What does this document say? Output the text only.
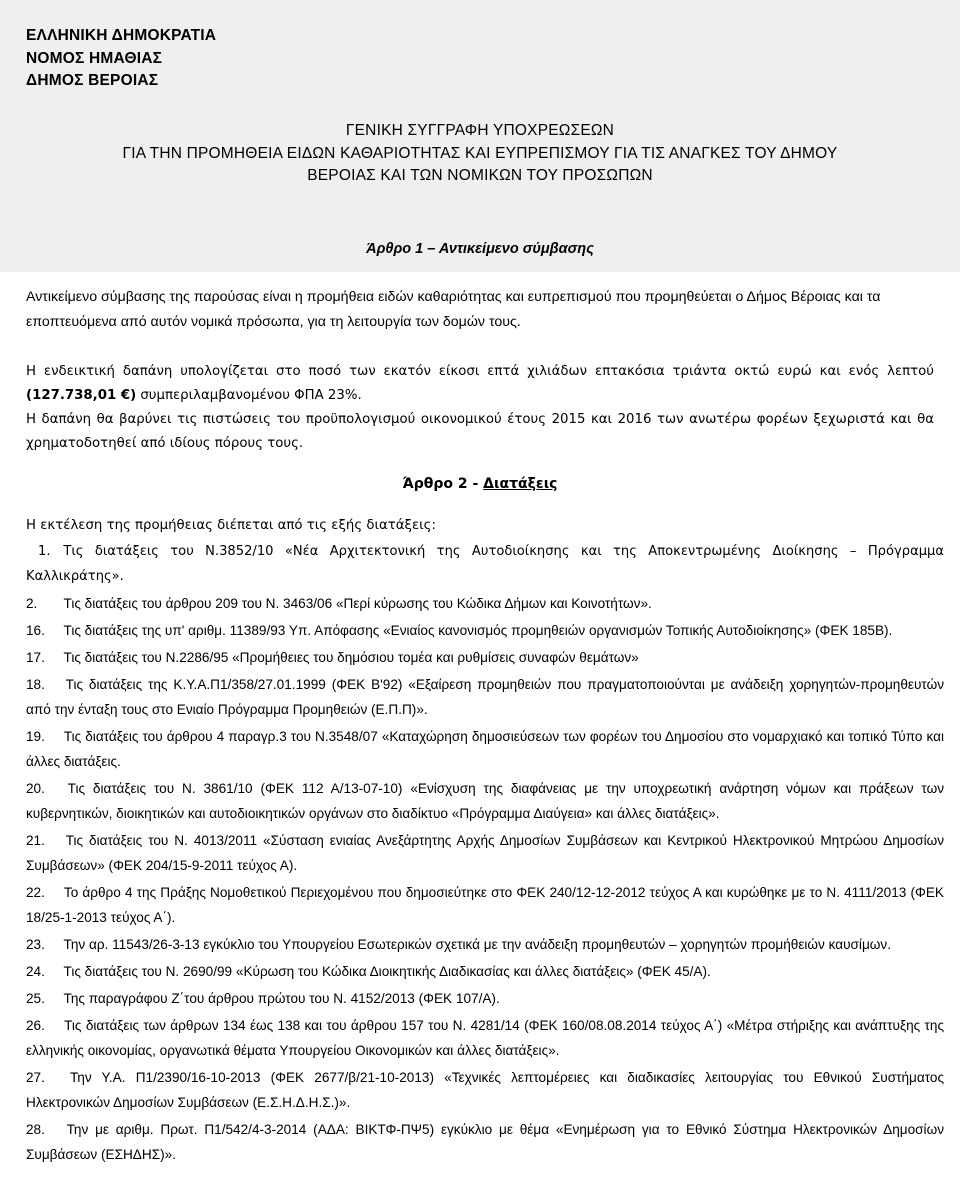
ΕΛΛΗΝΙΚΗ ΔΗΜΟΚΡΑΤΙΑ
ΝΟΜΟΣ ΗΜΑΘΙΑΣ
ΔΗΜΟΣ ΒΕΡΟΙΑΣ
ΓΕΝΙΚΗ ΣΥΓΓΡΑΦΗ ΥΠΟΧΡΕΩΣΕΩΝ
ΓΙΑ ΤΗΝ ΠΡΟΜΗΘΕΙΑ ΕΙΔΩΝ ΚΑΘΑΡΙΟΤΗΤΑΣ ΚΑΙ ΕΥΠΡΕΠΙΣΜΟΥ ΓΙΑ ΤΙΣ ΑΝΑΓΚΕΣ ΤΟΥ ΔΗΜΟΥ
ΒΕΡΟΙΑΣ ΚΑΙ ΤΩΝ ΝΟΜΙΚΩΝ ΤΟΥ ΠΡΟΣΩΠΩΝ
Άρθρο 1 – Αντικείμενο σύμβασης

Αντικείμενο σύμβασης της παρούσας είναι η προμήθεια ειδών καθαριότητας και ευπρεπισμού που προμηθεύεται ο Δήμος Βέροιας και τα εποπτευόμενα από αυτόν νομικά πρόσωπα, για τη λειτουργία των δομών τους.

Η ενδεικτική δαπάνη υπολογίζεται στο ποσό των εκατόν είκοσι επτά χιλιάδων επτακόσια τριάντα οκτώ ευρώ και ενός λεπτού (127.738,01 €) συμπεριλαμβανομένου ΦΠΑ 23%.

Η δαπάνη θα βαρύνει τις πιστώσεις του προϋπολογισμού οικονομικού έτους 2015 και 2016 των ανωτέρω φορέων ξεχωριστά και θα χρηματοδοτηθεί από ιδίους πόρους τους.

Άρθρο 2 - Διατάξεις
Η εκτέλεση της προμήθειας διέπεται από τις εξής διατάξεις:
1. Τις διατάξεις του Ν.3852/10 «Νέα Αρχιτεκτονική της Αυτοδιοίκησης και της Αποκεντρωμένης Διοίκησης – Πρόγραμμα Καλλικράτης».
2. Τις διατάξεις του άρθρου 209 του Ν. 3463/06 «Περί κύρωσης του Κώδικα Δήμων και Κοινοτήτων».
16. Τις διατάξεις της υπ' αριθμ. 11389/93 Υπ. Απόφασης «Ενιαίος κανονισμός προμηθειών οργανισμών Τοπικής Αυτοδιοίκησης» (ΦΕΚ 185Β).
17. Τις διατάξεις του Ν.2286/95 «Προμήθειες του δημόσιου τομέα και ρυθμίσεις συναφών θεμάτων»
18. Τις διατάξεις της Κ.Υ.Α.Π1/358/27.01.1999 (ΦΕΚ Β'92) «Εξαίρεση προμηθειών που πραγματοποιούνται με ανάδειξη χορηγητών-προμηθευτών από την ένταξη τους στο Ενιαίο Πρόγραμμα Προμηθειών (Ε.Π.Π)».
19. Τις διατάξεις του άρθρου 4 παραγρ.3 του Ν.3548/07 «Καταχώρηση δημοσιεύσεων των φορέων του Δημοσίου στο νομαρχιακό και τοπικό Τύπο και άλλες διατάξεις.
20. Τις διατάξεις του Ν. 3861/10 (ΦΕΚ 112 Α/13-07-10) «Ενίσχυση της διαφάνειας με την υποχρεωτική ανάρτηση νόμων και πράξεων των κυβερνητικών, διοικητικών και αυτοδιοικητικών οργάνων στο διαδίκτυο «Πρόγραμμα Διαύγεια» και άλλες διατάξεις».
21. Τις διατάξεις του Ν. 4013/2011 «Σύσταση ενιαίας Ανεξάρτητης Αρχής Δημοσίων Συμβάσεων και Κεντρικού Ηλεκτρονικού Μητρώου Δημοσίων Συμβάσεων» (ΦΕΚ 204/15-9-2011 τεύχος Α).
22. Το άρθρο 4 της Πράξης Νομοθετικού Περιεχομένου που δημοσιεύτηκε στο ΦΕΚ 240/12-12-2012 τεύχος Α και κυρώθηκε με το Ν. 4111/2013 (ΦΕΚ 18/25-1-2013 τεύχος Α΄).
23. Την αρ. 11543/26-3-13 εγκύκλιο του Υπουργείου Εσωτερικών σχετικά με την ανάδειξη προμηθευτών – χορηγητών προμήθειών καυσίμων.
24. Τις διατάξεις του Ν. 2690/99 «Κύρωση του Κώδικα Διοικητικής Διαδικασίας και άλλες διατάξεις» (ΦΕΚ 45/Α).
25. Της παραγράφου Ζ΄του άρθρου πρώτου του Ν. 4152/2013 (ΦΕΚ 107/Α).
26. Τις διατάξεις των άρθρων 134 έως 138 και του άρθρου 157 του Ν. 4281/14 (ΦΕΚ 160/08.08.2014 τεύχος Α΄) «Μέτρα στήριξης και ανάπτυξης της ελληνικής οικονομίας, οργανωτικά θέματα Υπουργείου Οικονομικών και άλλες διατάξεις».
27. Την Υ.Α. Π1/2390/16-10-2013 (ΦΕΚ 2677/β/21-10-2013) «Τεχνικές λεπτομέρειες και διαδικασίες λειτουργίας του Εθνικού Συστήματος Ηλεκτρονικών Δημοσίων Συμβάσεων (Ε.Σ.Η.Δ.Η.Σ.)».
28. Την με αριθμ. Πρωτ. Π1/542/4-3-2014 (ΑΔΑ: ΒΙΚΤΦ-ΠΨ5) εγκύκλιο με θέμα «Ενημέρωση για το Εθνικό Σύστημα Ηλεκτρονικών Δημοσίων Συμβάσεων (ΕΣΗΔΗΣ)».
